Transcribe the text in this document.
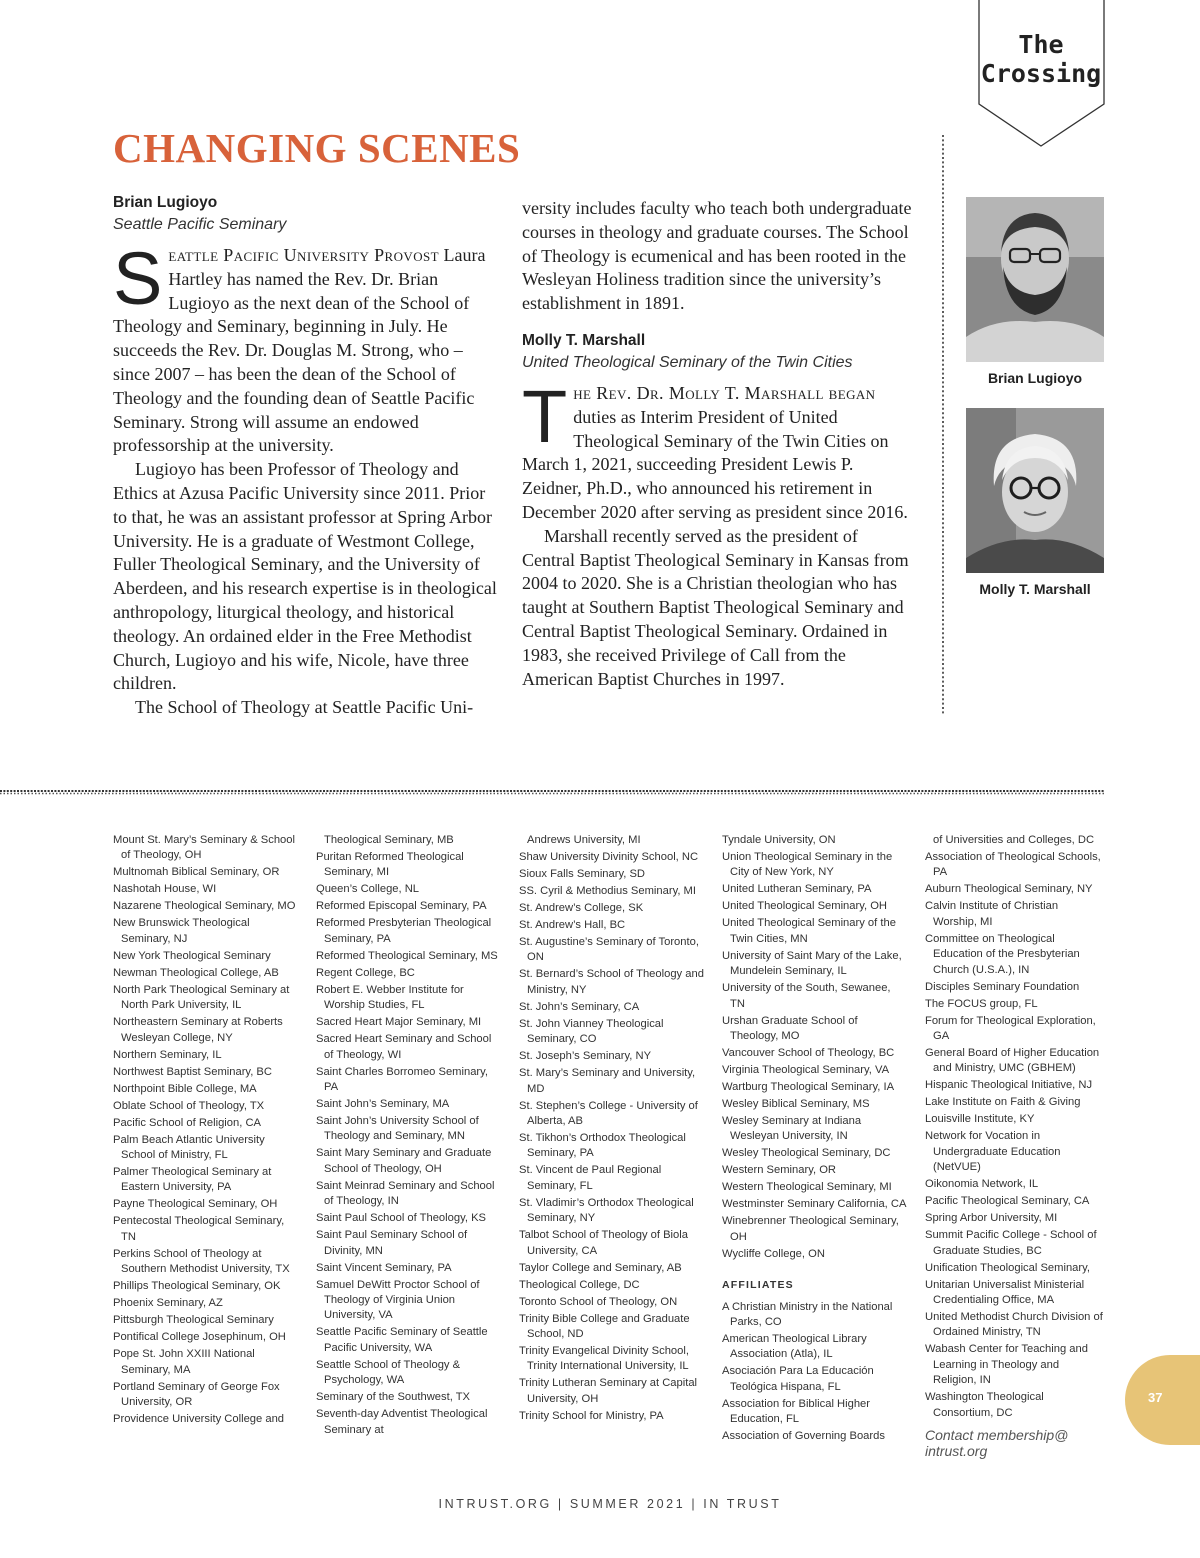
The
Crossing
CHANGING SCENES

Brian Lugioyo

Seattle Pacific Seminary

Seattle Pacific University Provost Laura Hartley has named the Rev. Dr. Brian Lugioyo as the next dean of the School of Theology and Seminary, beginning in July. He succeeds the Rev. Dr. Douglas M. Strong, who – since 2007 – has been the dean of the School of Theology and the founding dean of Seattle Pacific Seminary. Strong will assume an endowed professorship at the university.

Lugioyo has been Professor of Theology and Ethics at Azusa Pacific University since 2011. Prior to that, he was an assistant professor at Spring Arbor University. He is a graduate of Westmont College, Fuller Theological Seminary, and the University of Aberdeen, and his research expertise is in theological anthropology, liturgical theology, and historical theology. An ordained elder in the Free Methodist Church, Lugioyo and his wife, Nicole, have three children.

The School of Theology at Seattle Pacific Uni-

versity includes faculty who teach both undergraduate courses in theology and graduate courses. The School of Theology is ecumenical and has been rooted in the Wesleyan Holiness tradition since the university’s establishment in 1891.

Molly T. Marshall

United Theological Seminary of the Twin Cities

The Rev. Dr. Molly T. Marshall began duties as Interim President of United Theological Seminary of the Twin Cities on March 1, 2021, succeeding President Lewis P. Zeidner, Ph.D., who announced his retirement in December 2020 after serving as president since 2016.

Marshall recently served as the president of Central Baptist Theological Seminary in Kansas from 2004 to 2020. She is a Christian theologian who has taught at Southern Baptist Theological Seminary and Central Baptist Theological Seminary. Ordained in 1983, she received Privilege of Call from the American Baptist Churches in 1997.

Brian Lugioyo
Molly T. Marshall
Mount St. Mary’s Seminary & School of Theology, OH
Multnomah Biblical Seminary, OR
Nashotah House, WI
Nazarene Theological Seminary, MO
New Brunswick Theological Seminary, NJ
New York Theological Seminary
Newman Theological College, AB
North Park Theological Seminary at North Park University, IL
Northeastern Seminary at Roberts Wesleyan College, NY
Northern Seminary, IL
Northwest Baptist Seminary, BC
Northpoint Bible College, MA
Oblate School of Theology, TX
Pacific School of Religion, CA
Palm Beach Atlantic University School of Ministry, FL
Palmer Theological Seminary at Eastern University, PA
Payne Theological Seminary, OH
Pentecostal Theological Seminary, TN
Perkins School of Theology at Southern Methodist University, TX
Phillips Theological Seminary, OK
Phoenix Seminary, AZ
Pittsburgh Theological Seminary
Pontifical College Josephinum, OH
Pope St. John XXIII National Seminary, MA
Portland Seminary of George Fox University, OR
Providence University College and
Theological Seminary, MB
Puritan Reformed Theological Seminary, MI
Queen’s College, NL
Reformed Episcopal Seminary, PA
Reformed Presbyterian Theological Seminary, PA
Reformed Theological Seminary, MS
Regent College, BC
Robert E. Webber Institute for Worship Studies, FL
Sacred Heart Major Seminary, MI
Sacred Heart Seminary and School of Theology, WI
Saint Charles Borromeo Seminary, PA
Saint John’s Seminary, MA
Saint John’s University School of Theology and Seminary, MN
Saint Mary Seminary and Graduate School of Theology, OH
Saint Meinrad Seminary and School of Theology, IN
Saint Paul School of Theology, KS
Saint Paul Seminary School of Divinity, MN
Saint Vincent Seminary, PA
Samuel DeWitt Proctor School of Theology of Virginia Union University, VA
Seattle Pacific Seminary of Seattle Pacific University, WA
Seattle School of Theology & Psychology, WA
Seminary of the Southwest, TX
Seventh-day Adventist Theological Seminary at
Andrews University, MI
Shaw University Divinity School, NC
Sioux Falls Seminary, SD
SS. Cyril & Methodius Seminary, MI
St. Andrew’s College, SK
St. Andrew’s Hall, BC
St. Augustine’s Seminary of Toronto, ON
St. Bernard’s School of Theology and Ministry, NY
St. John’s Seminary, CA
St. John Vianney Theological Seminary, CO
St. Joseph’s Seminary, NY
St. Mary’s Seminary and University, MD
St. Stephen’s College - University of Alberta, AB
St. Tikhon’s Orthodox Theological Seminary, PA
St. Vincent de Paul Regional Seminary, FL
St. Vladimir’s Orthodox Theological Seminary, NY
Talbot School of Theology of Biola University, CA
Taylor College and Seminary, AB
Theological College, DC
Toronto School of Theology, ON
Trinity Bible College and Graduate School, ND
Trinity Evangelical Divinity School, Trinity International University, IL
Trinity Lutheran Seminary at Capital University, OH
Trinity School for Ministry, PA
Tyndale University, ON
Union Theological Seminary in the City of New York, NY
United Lutheran Seminary, PA
United Theological Seminary, OH
United Theological Seminary of the Twin Cities, MN
University of Saint Mary of the Lake, Mundelein Seminary, IL
University of the South, Sewanee, TN
Urshan Graduate School of Theology, MO
Vancouver School of Theology, BC
Virginia Theological Seminary, VA
Wartburg Theological Seminary, IA
Wesley Biblical Seminary, MS
Wesley Seminary at Indiana Wesleyan University, IN
Wesley Theological Seminary, DC
Western Seminary, OR
Western Theological Seminary, MI
Westminster Seminary California, CA
Winebrenner Theological Seminary, OH
Wycliffe College, ON
AFFILIATES
A Christian Ministry in the National Parks, CO
American Theological Library Association (Atla), IL
Asociación Para La Educación Teológica Hispana, FL
Association for Biblical Higher Education, FL
Association of Governing Boards
of Universities and Colleges, DC
Association of Theological Schools, PA
Auburn Theological Seminary, NY
Calvin Institute of Christian Worship, MI
Committee on Theological Education of the Presbyterian Church (U.S.A.), IN
Disciples Seminary Foundation
The FOCUS group, FL
Forum for Theological Exploration, GA
General Board of Higher Education and Ministry, UMC (GBHEM)
Hispanic Theological Initiative, NJ
Lake Institute on Faith & Giving
Louisville Institute, KY
Network for Vocation in Undergraduate Education (NetVUE)
Oikonomia Network, IL
Pacific Theological Seminary, CA
Spring Arbor University, MI
Summit Pacific College - School of Graduate Studies, BC
Unification Theological Seminary,
Unitarian Universalist Ministerial Credentialing Office, MA
United Methodist Church Division of Ordained Ministry, TN
Wabash Center for Teaching and Learning in Theology and Religion, IN
Washington Theological Consortium, DC
Contact membership@ intrust.org
37
INTRUST.ORG | SUMMER 2021 | IN TRUST
